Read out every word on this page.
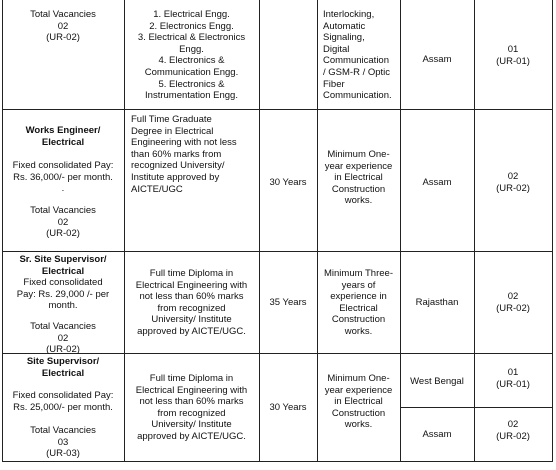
Total Vacancies
02
(UR-02)
1. Electrical Engg.
2. Electronics Engg.
3. Electrical & Electronics
Engg.
4. Electronics &
Communication Engg.
5. Electronics &
Instrumentation Engg.
Interlocking,
Automatic
Signaling,
Digital
Communication
/ GSM-R / Optic
Fiber
Communication.
Assam
01
(UR-01)
Works Engineer/
Electrical
Fixed consolidated Pay:
Rs. 36,000/- per month.
.
Total Vacancies
02
(UR-02)
Full Time Graduate
Degree in Electrical
Engineering with not less
than 60% marks from
recognized University/
Institute approved by
AICTE/UGC
30 Years
Minimum One-
year experience
in Electrical
Construction
works.
Assam
02
(UR-02)
Sr. Site Supervisor/
Electrical
Fixed consolidated
Pay: Rs. 29,000 /- per
month.
Total Vacancies
02
(UR-02)
Full time Diploma in
Electrical Engineering with
not less than 60% marks
from recognized
University/ Institute
approved by AICTE/UGC.
35 Years
Minimum Three-
years of
experience in
Electrical
Construction
works.
Rajasthan
02
(UR-02)
Site Supervisor/
Electrical
Fixed consolidated Pay:
Rs. 25,000/- per month.
Total Vacancies
03
(UR-03)
Full time Diploma in
Electrical Engineering with
not less than 60% marks
from recognized
University/ Institute
approved by AICTE/UGC.
30 Years
Minimum One-
year experience
in Electrical
Construction
works.
West Bengal
01
(UR-01)
Assam
02
(UR-02)
